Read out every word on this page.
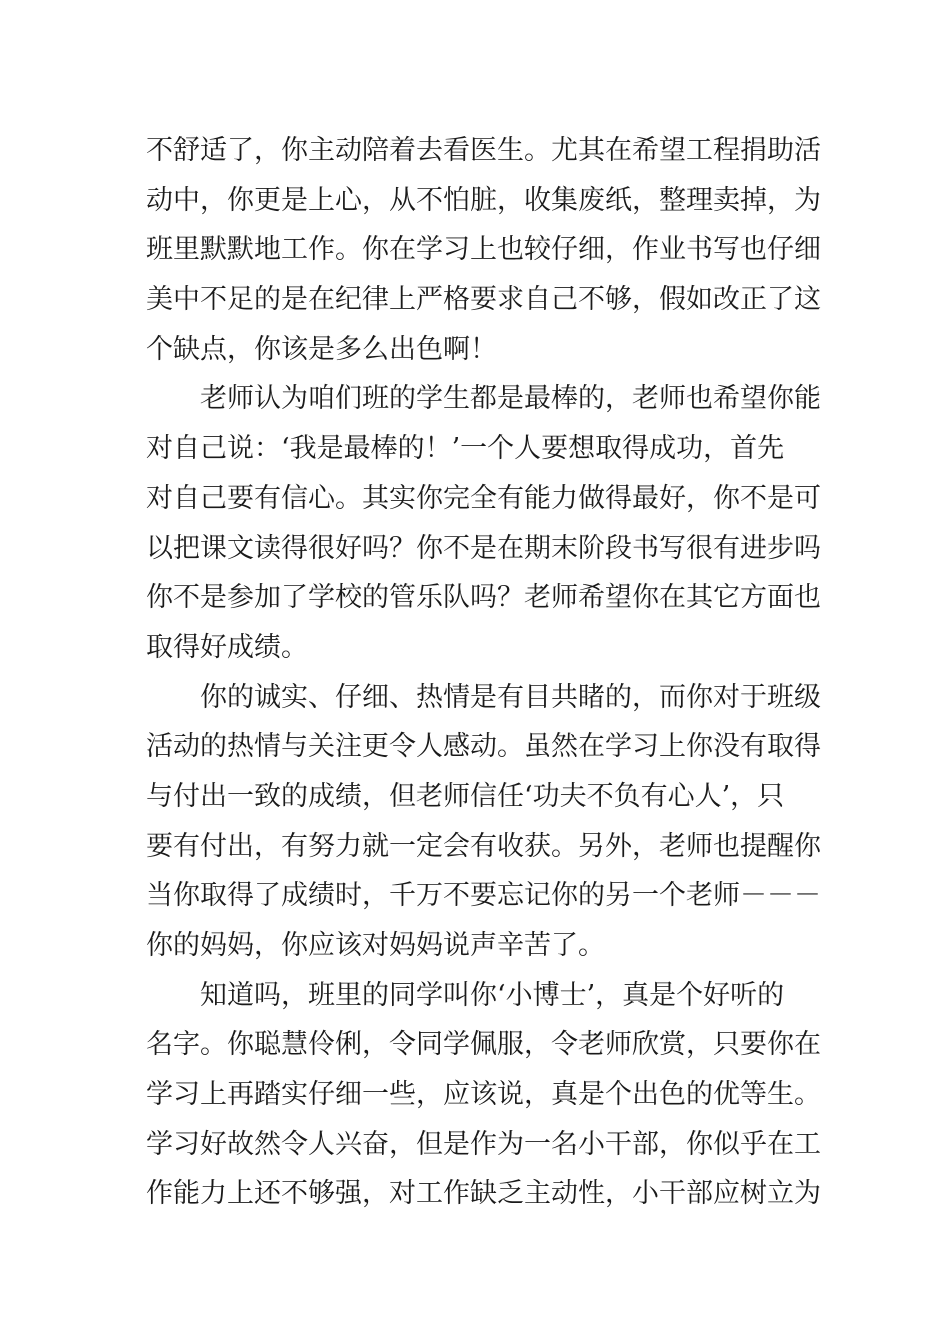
不舒适了，你主动陪着去看医生。尤其在希望工程捐助活
动中，你更是上心，从不怕脏，收集废纸，整理卖掉，为
班里默默地工作。你在学习上也较仔细，作业书写也仔细
美中不足的是在纪律上严格要求自己不够，假如改正了这
个缺点，你该是多么出色啊！
老师认为咱们班的学生都是最棒的，老师也希望你能
对自己说：‘我是最棒的！’一个人要想取得成功，首先
对自己要有信心。其实你完全有能力做得最好，你不是可
以把课文读得很好吗？你不是在期末阶段书写很有进步吗
你不是参加了学校的管乐队吗？老师希望你在其它方面也
取得好成绩。
你的诚实、仔细、热情是有目共睹的，而你对于班级
活动的热情与关注更令人感动。虽然在学习上你没有取得
与付出一致的成绩，但老师信任‘功夫不负有心人’，只
要有付出，有努力就一定会有收获。另外，老师也提醒你
当你取得了成绩时，千万不要忘记你的另一个老师－－－
你的妈妈，你应该对妈妈说声辛苦了。
知道吗，班里的同学叫你‘小博士’，真是个好听的
名字。你聪慧伶俐，令同学佩服，令老师欣赏，只要你在
学习上再踏实仔细一些，应该说，真是个出色的优等生。
学习好故然令人兴奋，但是作为一名小干部，你似乎在工
作能力上还不够强，对工作缺乏主动性，小干部应树立为
